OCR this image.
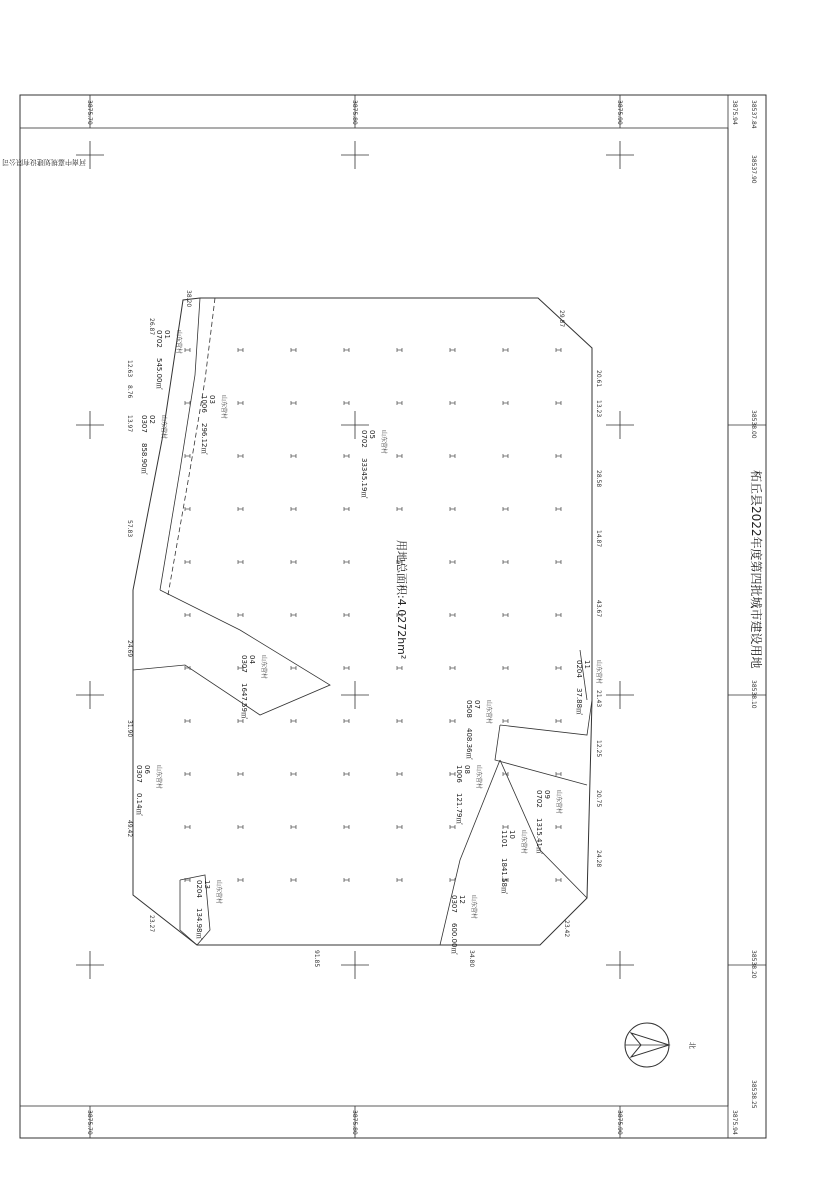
3875.70
3875.70
3875.80
3875.80
3875.90
3875.90
3875.94
3875.94
38537.84
38537.90
38538.00
38538.10
38538.20
38538.25
01
0702
545.00㎡
山东营村
02
0307
858.90㎡
山东营村
03
1006
296.12㎡
山东营村
04
0307
1647.59㎡
山东营村
05
0702
33345.19㎡
山东营村
06
0307
0.14㎡
山东营村
07
0508
408.36㎡
山东营村
08
1006
121.79㎡
山东营村
09
0702
1315.41㎡
山东营村
10
1101
1841.58㎡
山东营村
11
0204
37.88㎡
山东营村
12
0307
600.00㎡
山东营村
13
0204
134.98㎡
山东营村
29.87
20.61
13.23
28.58
14.87
43.67
21.43
12.25
20.75
24.28
23.42
34.80
91.85
23.27
49.42
31.90
24.69
57.83
13.97
8.76
12.63
26.87
38.20
用地总面积:4.0272hm²	柘丘县2022年度第四批城市建设用地
河南中嘉规划建设有限公司
北
